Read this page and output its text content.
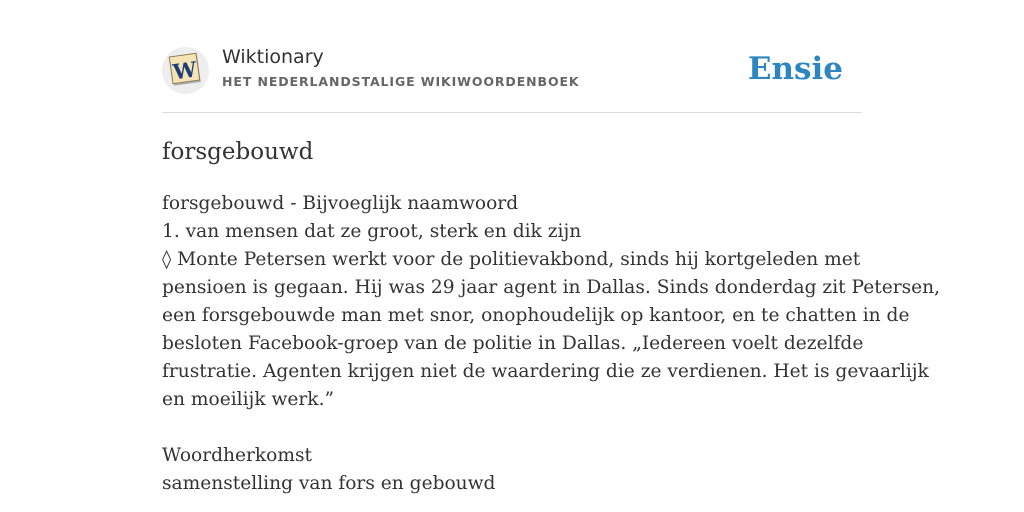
W Wiktionary
HET NEDERLANDSTALIGE WIKIWOORDENBOEK	Ensie
forsgebouwd
forsgebouwd - Bijvoeglijk naamwoord
1. van mensen dat ze groot, sterk en dik zijn
◊ Monte Petersen werkt voor de politievakbond, sinds hij kortgeleden met
pensioen is gegaan. Hij was 29 jaar agent in Dallas. Sinds donderdag zit Petersen,
een forsgebouwde man met snor, onophoudelijk op kantoor, en te chatten in de
besloten Facebook-groep van de politie in Dallas. „Iedereen voelt dezelfde
frustratie. Agenten krijgen niet de waardering die ze verdienen. Het is gevaarlijk
en moeilijk werk.”
Woordherkomst
samenstelling van fors en gebouwd
